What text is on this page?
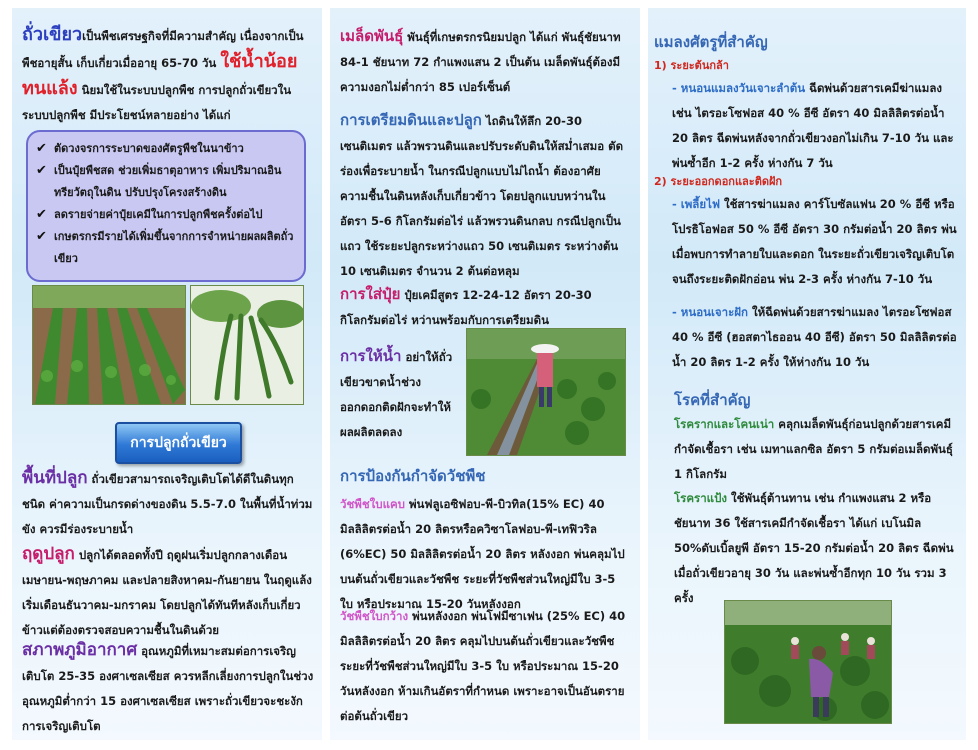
ถั่วเขียวเป็นพืชเศรษฐกิจที่มีความสำคัญ เนื่องจากเป็นพืชอายุสั้น เก็บเกี่ยวเมื่ออายุ 65-70 วัน ใช้น้ำน้อยทนแล้ง นิยมใช้ในระบบปลูกพืช การปลูกถั่วเขียวในระบบปลูกพืช มีประโยชน์หลายอย่าง ได้แก่

✔ ตัดวงจรการระบาดของศัตรูพืชในนาข้าว
✔ เป็นปุ๋ยพืชสด ช่วยเพิ่มธาตุอาหาร เพิ่มปริมาณอินทรียวัตถุในดิน ปรับปรุงโครงสร้างดิน
✔ ลดรายจ่ายค่าปุ๋ยเคมีในการปลูกพืชครั้งต่อไป
✔ เกษตรกรมีรายได้เพิ่มขึ้นจากการจำหน่ายผลผลิตถั่วเขียว
การปลูกถั่วเขียว

พื้นที่ปลูก ถั่วเขียวสามารถเจริญเติบโตได้ดีในดินทุกชนิด ค่าความเป็นกรดด่างของดิน 5.5-7.0 ในพื้นที่น้ำท่วมขัง ควรมีร่องระบายน้ำ

ฤดูปลูก ปลูกได้ตลอดทั้งปี ฤดูฝนเริ่มปลูกกลางเดือนเมษายน-พฤษภาคม และปลายสิงหาคม-กันยายน ในฤดูแล้งเริ่มเดือนธันวาคม-มกราคม โดยปลูกได้ทันทีหลังเก็บเกี่ยวข้าวแต่ต้องตรวจสอบความชื้นในดินด้วย

สภาพภูมิอากาศ อุณหภูมิที่เหมาะสมต่อการเจริญเติบโต 25-35 องศาเซลเซียส ควรหลีกเลี่ยงการปลูกในช่วงอุณหภูมิต่ำกว่า 15 องศาเซลเซียส เพราะถั่วเขียวจะชะงักการเจริญเติบโต

เมล็ดพันธุ์ พันธุ์ที่เกษตรกรนิยมปลูก ได้แก่ พันธุ์ชัยนาท 84-1 ชัยนาท 72 กำแพงแสน 2 เป็นต้น เมล็ดพันธุ์ต้องมีความงอกไม่ต่ำกว่า 85 เปอร์เซ็นต์

การเตรียมดินและปลูก ไถดินให้ลึก 20-30 เซนติเมตร แล้วพรวนดินและปรับระดับดินให้สม่ำเสมอ ตัดร่องเพื่อระบายน้ำ ในกรณีปลูกแบบไม่ไถน้ำ ต้องอาศัยความชื้นในดินหลังเก็บเกี่ยวข้าว โดยปลูกแบบหว่านในอัตรา 5-6 กิโลกรัมต่อไร่ แล้วพรวนดินกลบ กรณีปลูกเป็นแถว ใช้ระยะปลูกระหว่างแถว 50 เซนติเมตร ระหว่างต้น 10 เซนติเมตร จำนวน 2 ต้นต่อหลุม

การใส่ปุ๋ย ปุ๋ยเคมีสูตร 12-24-12 อัตรา 20-30 กิโลกรัมต่อไร่ หว่านพร้อมกับการเตรียมดิน

การให้น้ำ อย่าให้ถั่วเขียวขาดน้ำช่วงออกดอกติดฝักจะทำให้ผลผลิตลดลง

การป้องกันกำจัดวัชพืช

วัชพืชใบแคบ พ่นฟลูเอซิฟอบ-พี-บิวทิล(15% EC) 40 มิลลิลิตรต่อน้ำ 20 ลิตรหรือควิซาโลฟอบ-พี-เทฟิวริล (6%EC) 50 มิลลิลิตรต่อน้ำ 20 ลิตร หลังงอก พ่นคลุมไปบนต้นถั่วเขียวและวัชพืช ระยะที่วัชพืชส่วนใหญ่มีใบ 3-5 ใบ หรือประมาณ 15-20 วันหลังงอก

วัชพืชใบกว้าง พ่นหลังงอก พ่นโฟมีซาเฟน (25% EC) 40 มิลลิลิตรต่อน้ำ 20 ลิตร คลุมไปบนต้นถั่วเขียวและวัชพืช ระยะที่วัชพืชส่วนใหญ่มีใบ 3-5 ใบ หรือประมาณ 15-20 วันหลังงอก ห้ามเกินอัตราที่กำหนด เพราะอาจเป็นอันตรายต่อต้นถั่วเขียว

แมลงศัตรูที่สำคัญ
1) ระยะต้นกล้า

- หนอนแมลงวันเจาะลำต้น ฉีดพ่นด้วยสารเคมีฆ่าแมลง เช่น ไตรอะโซฟอส 40 % อีซี อัตรา 40 มิลลิลิตรต่อน้ำ 20 ลิตร ฉีดพ่นหลังจากถั่วเขียวงอกไม่เกิน 7-10 วัน และพ่นซ้ำอีก 1-2 ครั้ง ห่างกัน 7 วัน

2) ระยะออกดอกและติดฝัก

- เพลี้ยไฟ ใช้สารฆ่าแมลง คาร์โบซัลแฟน 20 % อีซี หรือ โปรธิโอฟอส 50 % อีซี อัตรา 30 กรัมต่อน้ำ 20 ลิตร พ่นเมื่อพบการทำลายใบและดอก ในระยะถั่วเขียวเจริญเติบโตจนถึงระยะติดฝักอ่อน พ่น 2-3 ครั้ง ห่างกัน 7-10 วัน

- หนอนเจาะฝัก ให้ฉีดพ่นด้วยสารฆ่าแมลง ไตรอะโซฟอส 40 % อีซี (ฮอสตาไธออน 40 อีซี) อัตรา 50 มิลลิลิตรต่อน้ำ 20 ลิตร 1-2 ครั้ง ให้ห่างกัน 10 วัน

โรคที่สำคัญ

โรครากและโคนเน่า คลุกเมล็ดพันธุ์ก่อนปลูกด้วยสารเคมีกำจัดเชื้อรา เช่น เมทาแลกซิล อัตรา 5 กรัมต่อเมล็ดพันธุ์ 1 กิโลกรัม

โรคราแป้ง ใช้พันธุ์ต้านทาน เช่น กำแพงแสน 2 หรือชัยนาท 36 ใช้สารเคมีกำจัดเชื้อรา ได้แก่ เบโนมิล 50%ดับเบิ้ลยูพี อัตรา 15-20 กรัมต่อน้ำ 20 ลิตร ฉีดพ่นเมื่อถั่วเขียวอายุ 30 วัน และพ่นซ้ำอีกทุก 10 วัน รวม 3 ครั้ง
